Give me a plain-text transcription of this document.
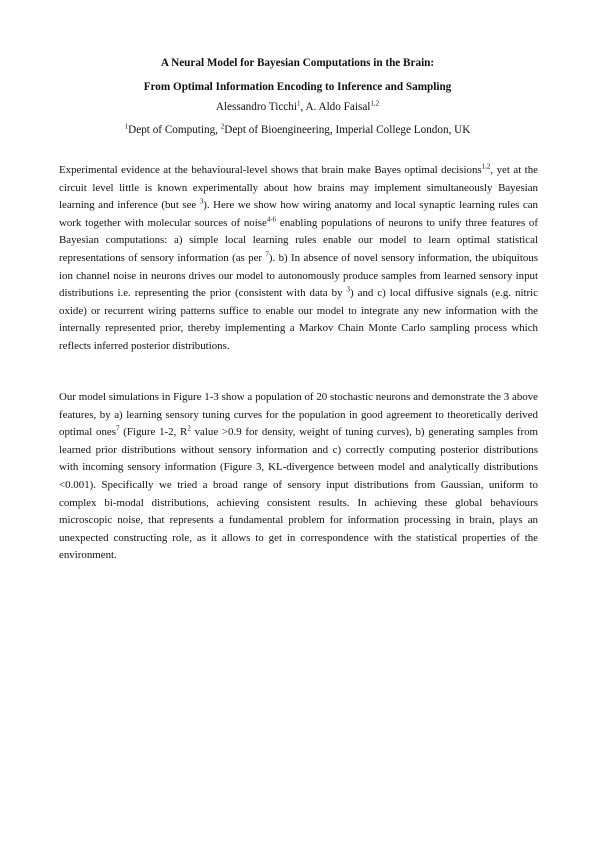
A Neural Model for Bayesian Computations in the Brain:
From Optimal Information Encoding to Inference and Sampling
Alessandro Ticchi$^1$, A. Aldo Faisal$^{1,2}$
$^1$Dept of Computing, $^2$Dept of Bioengineering, Imperial College London, UK

Experimental evidence at the behavioural-level shows that brain make Bayes optimal decisions$^{1,2}$, yet at the circuit level little is known experimentally about how brains may implement simultaneously Bayesian learning and inference (but see $^3$). Here we show how wiring anatomy and local synaptic learning rules can work together with molecular sources of noise$^{4-6}$ enabling populations of neurons to unify three features of Bayesian computations: a) simple local learning rules enable our model to learn optimal statistical representations of sensory information (as per $^7$). b) In absence of novel sensory information, the ubiquitous ion channel noise in neurons drives our model to autonomously produce samples from learned sensory input distributions i.e. representing the prior (consistent with data by $^3$) and c) local diffusive signals (e.g. nitric oxide) or recurrent wiring patterns suffice to enable our model to integrate any new information with the internally represented prior, thereby implementing a Markov Chain Monte Carlo sampling process which reflects inferred posterior distributions.

Our model simulations in Figure 1-3 show a population of 20 stochastic neurons and demonstrate the 3 above features, by a) learning sensory tuning curves for the population in good agreement to theoretically derived optimal ones$^7$ (Figure 1-2, $R^2$ value >0.9 for density, weight of tuning curves), b) generating samples from learned prior distributions without sensory information and c) correctly computing posterior distributions with incoming sensory information (Figure 3, KL-divergence between model and analytically distributions <0.001). Specifically we tried a broad range of sensory input distributions from Gaussian, uniform to complex bi-modal distributions, achieving consistent results. In achieving these global behaviours microscopic noise, that represents a fundamental problem for information processing in brain, plays an unexpected constructing role, as it allows to get in correspondence with the statistical properties of the environment.
